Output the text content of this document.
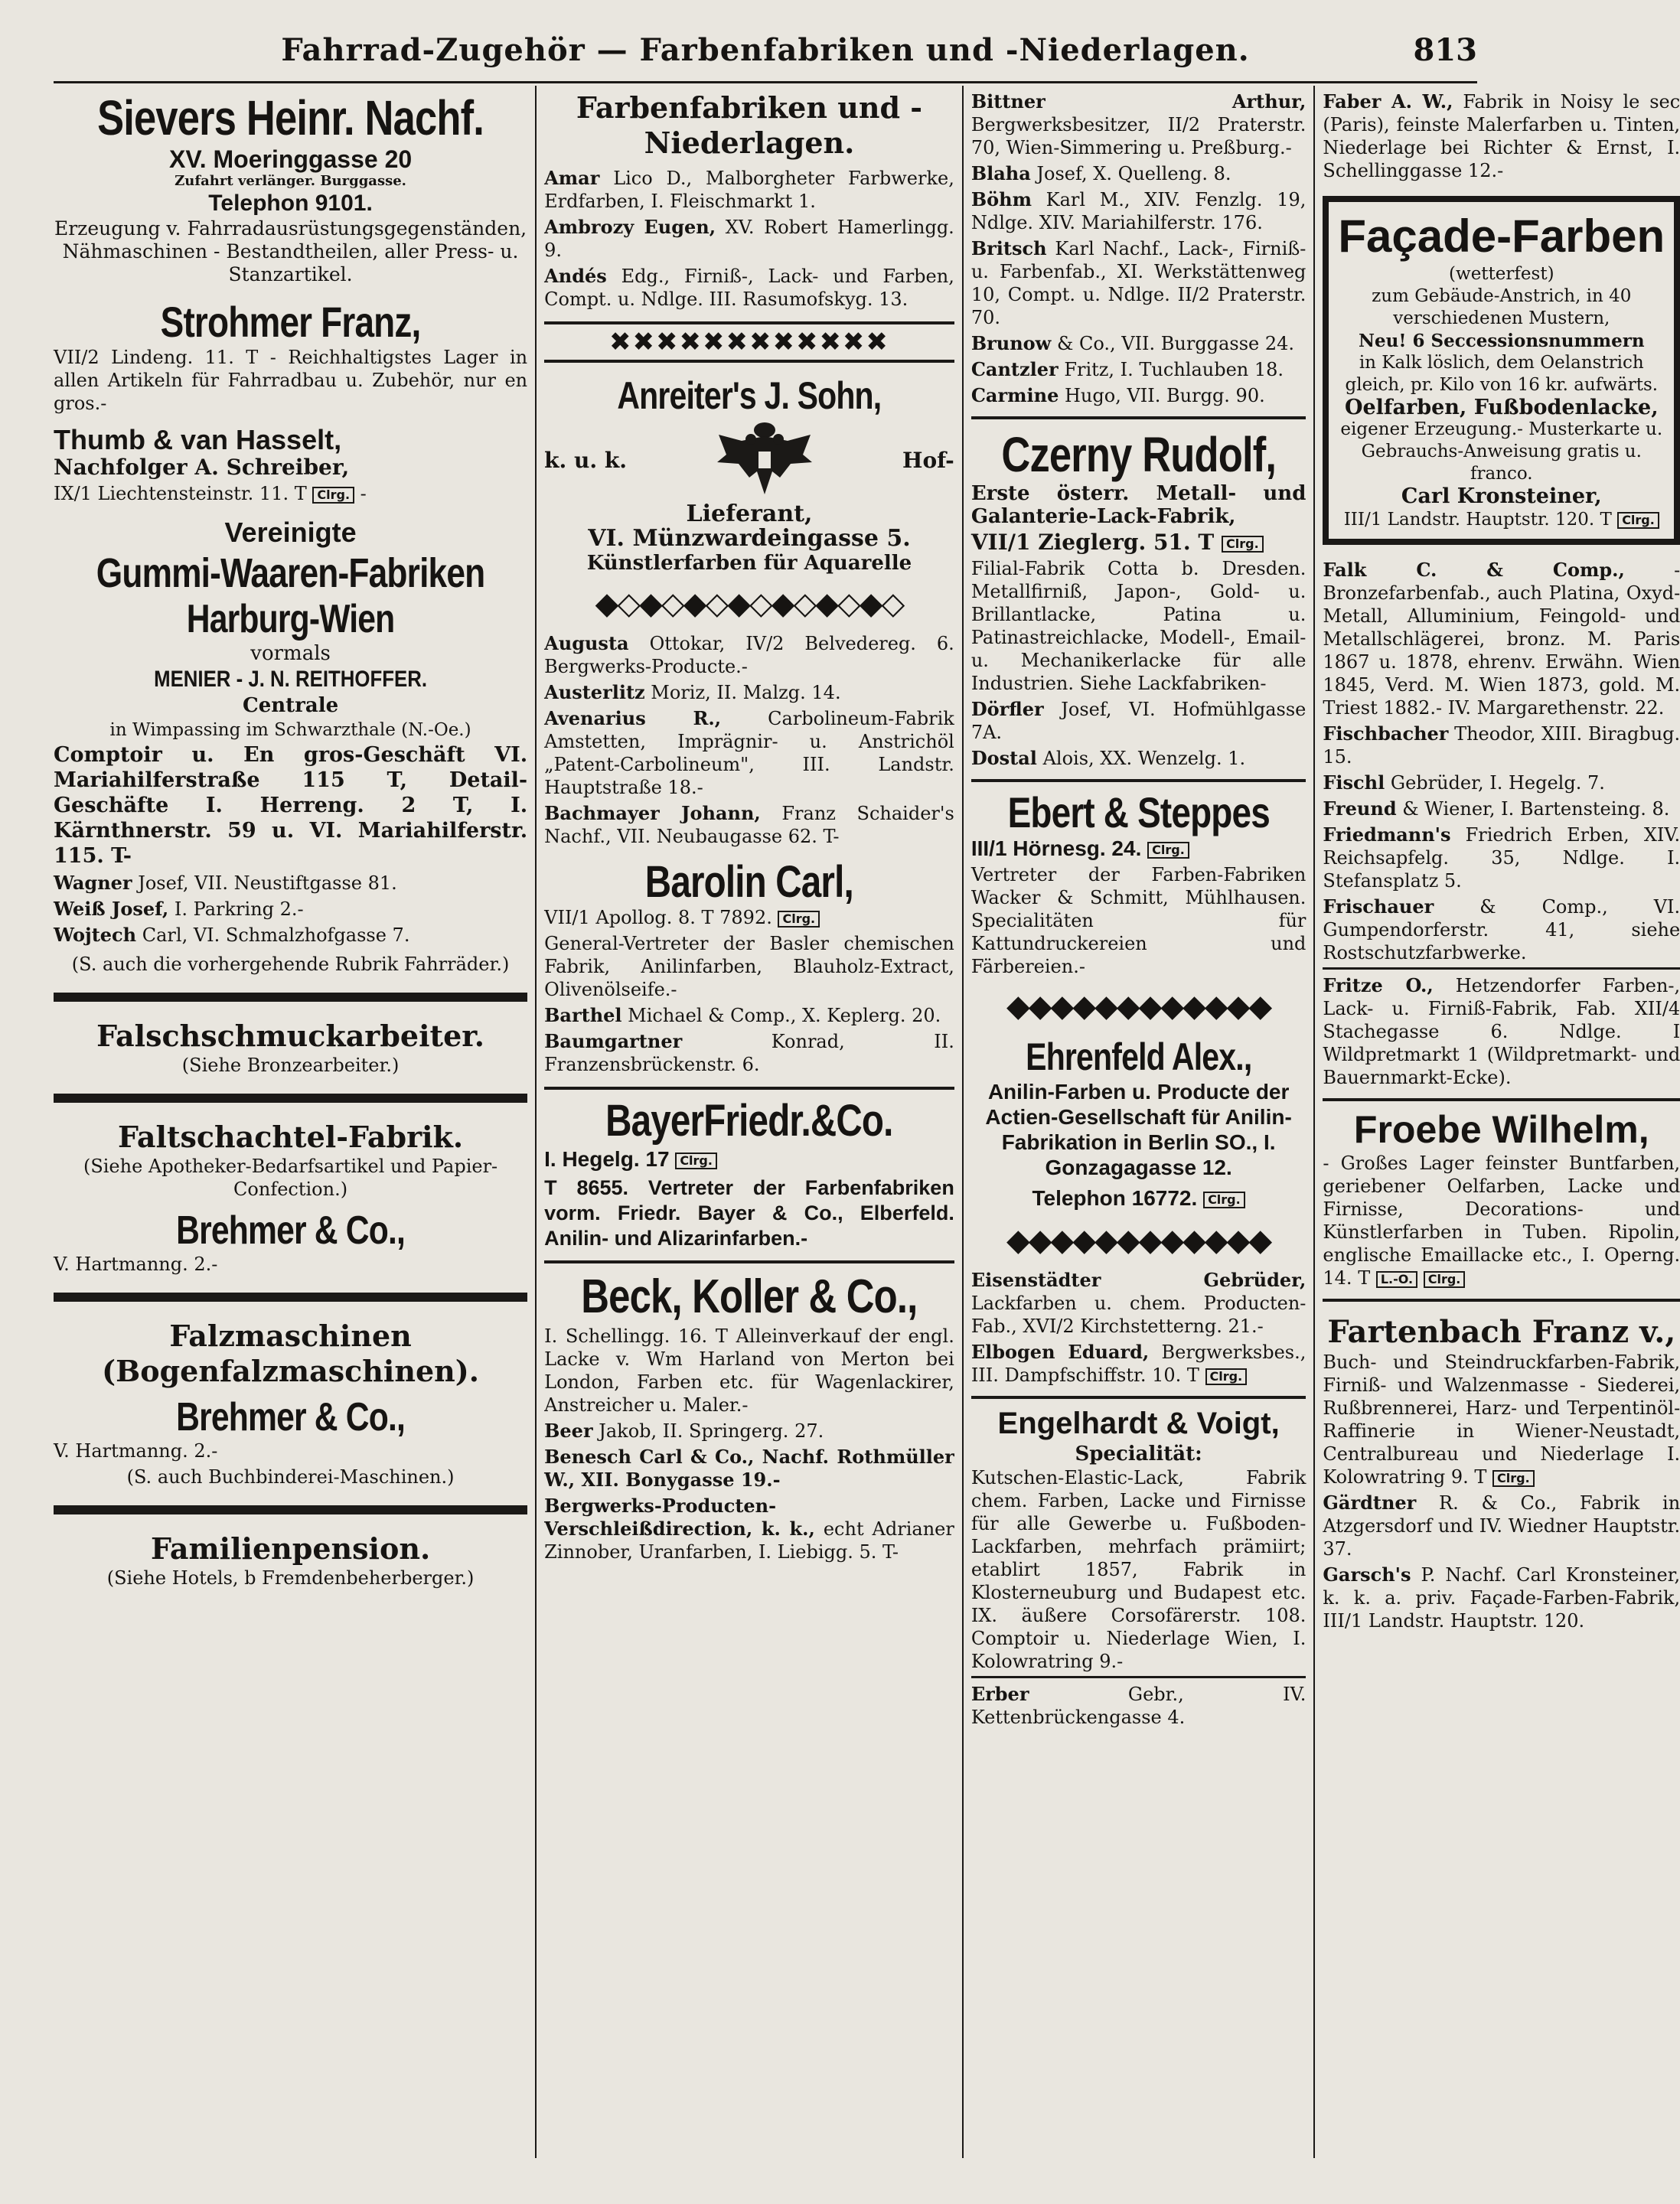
Fahrrad-Zugehör — Farbenfabriken und -Niederlagen.	813
Sievers Heinr. Nachf.
XV. Moeringgasse 20
Zufahrt verlänger. Burggasse.
Telephon 9101.
Erzeugung v. Fahrradausrüstungsgegenständen, Nähmaschinen - Bestandtheilen, aller Press- u. Stanzartikel.
Strohmer Franz,
VII/2 Lindeng. 11. T - Reichhaltigstes Lager in allen Artikeln für Fahrradbau u. Zubehör, nur en gros.-
Thumb & van Hasselt,
Nachfolger A. Schreiber,
IX/1 Liechtensteinstr. 11. T Clrg. -
Vereinigte
Gummi-Waaren-Fabriken
Harburg-Wien
vormals
MENIER - J. N. REITHOFFER.
Centrale
in Wimpassing im Schwarzthale (N.-Oe.)
Comptoir u. En gros-Geschäft VI. Mariahilferstraße 115 T, Detail-Geschäfte I. Herreng. 2 T, I. Kärnthnerstr. 59 u. VI. Mariahilferstr. 115. T-
Wagner Josef, VII. Neustiftgasse 81.
Weiß Josef, I. Parkring 2.-
Wojtech Carl, VI. Schmalzhofgasse 7.
(S. auch die vorhergehende Rubrik Fahrräder.)
Falschschmuckarbeiter.
(Siehe Bronzearbeiter.)
Faltschachtel-Fabrik.
(Siehe Apotheker-Bedarfsartikel und Papier-Confection.)
Brehmer & Co.,
V. Hartmanng. 2.-
Falzmaschinen (Bogenfalzmaschinen).
Brehmer & Co.,
V. Hartmanng. 2.-
(S. auch Buchbinderei-Maschinen.)
Familienpension.
(Siehe Hotels, b Fremdenbeherberger.)
Farbenfabriken und -Niederlagen.
Amar Lico D., Malborgheter Farbwerke, Erdfarben, I. Fleischmarkt 1.
Ambrozy Eugen, XV. Robert Hamerlingg. 9.
Andés Edg., Firniß-, Lack- und Farben, Compt. u. Ndlge. III. Rasumofskyg. 13.
✖✖✖✖✖✖✖✖✖✖✖✖
Anreiter's J. Sohn,
k. u. k.	Hof-
Lieferant,
VI. Münzwardeingasse 5.
Künstlerfarben für Aquarelle
◆◇◆◇◆◇◆◇◆◇◆◇◆◇
Augusta Ottokar, IV/2 Belvedereg. 6. Bergwerks-Producte.-
Austerlitz Moriz, II. Malzg. 14.
Avenarius R.,	Carbolineum-Fabrik Amstetten, Imprägnir- u. Anstrichöl „Patent-Carbolineum", III. Landstr. Hauptstraße 18.-
Bachmayer Johann, Franz Schaider's Nachf., VII. Neubaugasse 62. T-
Barolin Carl,
VII/1 Apollog. 8. T 7892. Clrg.
General-Vertreter der Basler chemischen Fabrik, Anilinfarben, Blauholz-Extract, Olivenölseife.-
Barthel Michael & Comp., X. Keplerg. 20.
Baumgartner	Konrad, II. Franzensbrückenstr. 6.
BayerFriedr.&Co.
I. Hegelg. 17 Clrg.
T 8655. Vertreter der Farbenfabriken vorm. Friedr. Bayer & Co., Elberfeld. Anilin- und Alizarinfarben.-
Beck, Koller & Co.,
I. Schellingg. 16. T Alleinverkauf der engl. Lacke v. Wm Harland von Merton bei London, Farben etc. für Wagenlackirer, Anstreicher u. Maler.-
Beer Jakob, II. Springerg. 27.
Benesch Carl & Co., Nachf. Rothmüller W., XII. Bonygasse 19.-
Bergwerks-Producten-Verschleißdirection, k. k., echt Adrianer Zinnober, Uranfarben, I. Liebigg. 5. T-
Bittner Arthur, Bergwerksbesitzer, II/2 Praterstr. 70, Wien-Simmering u. Preßburg.-
Blaha Josef, X. Quelleng. 8.
Böhm Karl M., XIV. Fenzlg. 19, Ndlge. XIV. Mariahilferstr. 176.
Britsch Karl Nachf., Lack-, Firniß- u. Farbenfab., XI. Werkstättenweg 10, Compt. u. Ndlge. II/2 Praterstr. 70.
Brunow & Co., VII. Burggasse 24.
Cantzler Fritz, I. Tuchlauben 18.
Carmine Hugo, VII. Burgg. 90.
Czerny Rudolf,
Erste österr. Metall- und Galanterie-Lack-Fabrik,
VII/1 Zieglerg. 51. T Clrg.
Filial-Fabrik Cotta b. Dresden. Metallfirniß, Japon-, Gold- u. Brillantlacke, Patina u. Patinastreichlacke, Modell-, Email- u. Mechanikerlacke für alle Industrien. Siehe Lackfabriken-
Dörfler Josef, VI. Hofmühlgasse 7A.
Dostal Alois, XX. Wenzelg. 1.
Ebert & Steppes
III/1 Hörnesg. 24. Clrg.
Vertreter der Farben-Fabriken Wacker & Schmitt, Mühlhausen. Specialitäten für Kattundruckereien und Färbereien.-
◆◆◆◆◆◆◆◆◆◆◆◆
Ehrenfeld Alex.,
Anilin-Farben u. Producte der Actien-Gesellschaft für Anilin-Fabrikation in Berlin SO., I. Gonzagagasse 12.
Telephon 16772. Clrg.
◆◆◆◆◆◆◆◆◆◆◆◆
Eisenstädter Gebrüder, Lackfarben u. chem. Producten-Fab., XVI/2 Kirchstetterng. 21.-
Elbogen Eduard, Bergwerksbes., III. Dampfschiffstr. 10. T Clrg.
Engelhardt & Voigt,
Specialität:
Kutschen-Elastic-Lack, Fabrik chem. Farben, Lacke und Firnisse für alle Gewerbe u. Fußboden-Lackfarben, mehrfach prämiirt; etablirt 1857, Fabrik in Klosterneuburg und Budapest etc. IX. äußere Corsofärerstr. 108. Comptoir u. Niederlage Wien, I. Kolowratring 9.-
Erber	Gebr., IV. Kettenbrückengasse 4.
Faber A. W., Fabrik in Noisy le sec (Paris), feinste Malerfarben u. Tinten, Niederlage bei Richter & Ernst, I. Schellinggasse 12.-
Façade-Farben
(wetterfest)
zum Gebäude-Anstrich, in 40 verschiedenen Mustern,
Neu! 6 Seccessionsnummern
in Kalk löslich, dem Oelanstrich gleich, pr. Kilo von 16 kr. aufwärts.
Oelfarben, Fußbodenlacke,
eigener Erzeugung.- Musterkarte u. Gebrauchs-Anweisung gratis u. franco.
Carl Kronsteiner,
III/1 Landstr. Hauptstr. 120. T Clrg.
Falk C. & Comp.,	- Bronzefarbenfab., auch Platina, Oxyd-Metall, Alluminium, Feingold- und Metallschlägerei, bronz. M. Paris 1867 u. 1878, ehrenv. Erwähn. Wien 1845, Verd. M. Wien 1873, gold. M. Triest 1882.- IV. Margarethenstr. 22.
Fischbacher Theodor, XIII. Biragbug. 15.
Fischl Gebrüder, I. Hegelg. 7.
Freund & Wiener, I. Bartensteing. 8.
Friedmann's Friedrich Erben, XIV. Reichsapfelg. 35, Ndlge. I. Stefansplatz 5.
Frischauer & Comp., VI. Gumpendorferstr. 41, siehe Rostschutzfarbwerke.
Fritze O., Hetzendorfer Farben-, Lack- u. Firniß-Fabrik, Fab. XII/4 Stachegasse 6. Ndlge. I Wildpretmarkt 1 (Wildpretmarkt- und Bauernmarkt-Ecke).
Froebe Wilhelm,
- Großes Lager feinster Buntfarben, geriebener Oelfarben, Lacke und Firnisse, Decorations- und Künstlerfarben in Tuben. Ripolin, englische Emaillacke etc., I. Operng. 14. T L.-O. Clrg.
Fartenbach Franz v.,
Buch- und Steindruckfarben-Fabrik, Firniß- und Walzenmasse - Siederei, Rußbrennerei, Harz- und Terpentinöl-Raffinerie in Wiener-Neustadt, Centralbureau und Niederlage I. Kolowratring 9. T Clrg.
Gärdtner R. & Co., Fabrik in Atzgersdorf und IV. Wiedner Hauptstr. 37.
Garsch's P. Nachf. Carl Kronsteiner, k. k. a. priv. Façade-Farben-Fabrik, III/1 Landstr. Hauptstr. 120.
